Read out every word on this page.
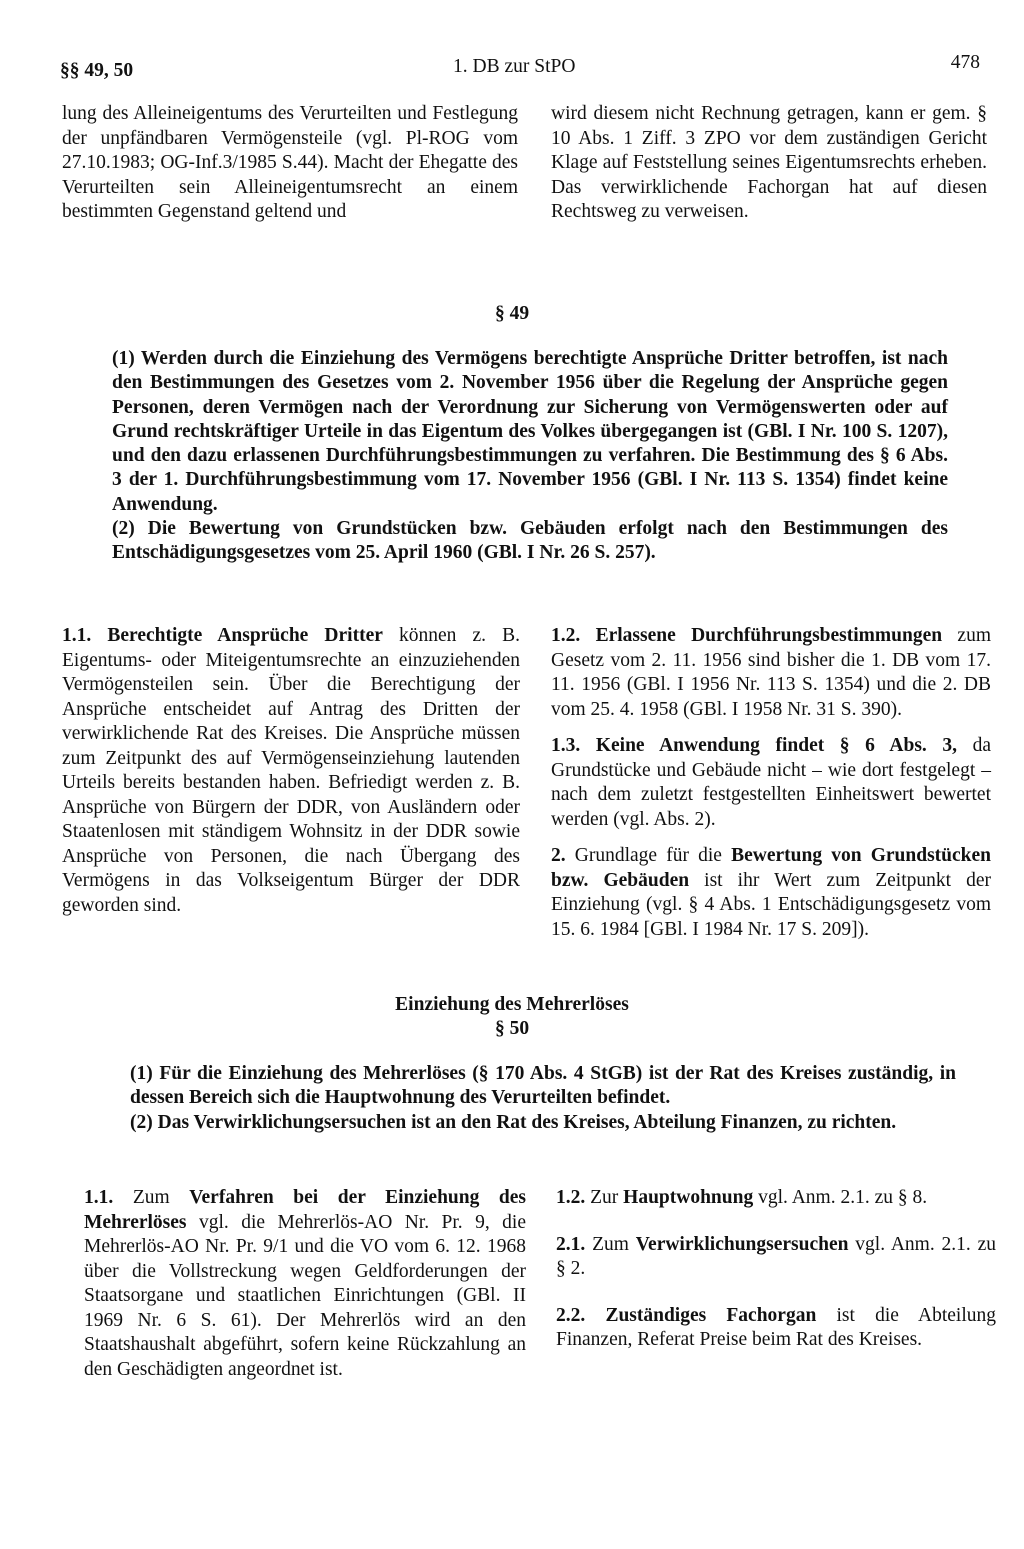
§§ 49, 50	1. DB zur StPO	478

lung des Alleineigentums des Verurteilten und Festlegung der unpfändbaren Vermögensteile (vgl. Pl-ROG vom 27.10.1983; OG-Inf.3/1985 S.44). Macht der Ehegatte des Verurteilten sein Alleineigentumsrecht an einem bestimmten Gegenstand geltend und

wird diesem nicht Rechnung getragen, kann er gem. § 10 Abs. 1 Ziff. 3 ZPO vor dem zuständigen Gericht Klage auf Feststellung seines Eigentumsrechts erheben. Das verwirklichende Fachorgan hat auf diesen Rechtsweg zu verweisen.

§ 49

(1) Werden durch die Einziehung des Vermögens berechtigte Ansprüche Dritter betroffen, ist nach den Bestimmungen des Gesetzes vom 2. November 1956 über die Regelung der Ansprüche gegen Personen, deren Vermögen nach der Verordnung zur Sicherung von Vermögenswerten oder auf Grund rechtskräftiger Urteile in das Eigentum des Volkes übergegangen ist (GBl. I Nr. 100 S. 1207), und den dazu erlassenen Durchführungsbestimmungen zu verfahren. Die Bestimmung des § 6 Abs. 3 der 1. Durchführungsbestimmung vom 17. November 1956 (GBl. I Nr. 113 S. 1354) findet keine Anwendung.

(2) Die Bewertung von Grundstücken bzw. Gebäuden erfolgt nach den Bestimmungen des Entschädigungsgesetzes vom 25. April 1960 (GBl. I Nr. 26 S. 257).

1.1. Berechtigte Ansprüche Dritter können z. B. Eigentums- oder Miteigentumsrechte an einzuziehenden Vermögensteilen sein. Über die Berechtigung der Ansprüche entscheidet auf Antrag des Dritten der verwirklichende Rat des Kreises. Die Ansprüche müssen zum Zeitpunkt des auf Vermögenseinziehung lautenden Urteils bereits bestanden haben. Befriedigt werden z. B. Ansprüche von Bürgern der DDR, von Ausländern oder Staatenlosen mit ständigem Wohnsitz in der DDR sowie Ansprüche von Personen, die nach Übergang des Vermögens in das Volkseigentum Bürger der DDR geworden sind.

1.2. Erlassene Durchführungsbestimmungen zum Gesetz vom 2. 11. 1956 sind bisher die 1. DB vom 17. 11. 1956 (GBl. I 1956 Nr. 113 S. 1354) und die 2. DB vom 25. 4. 1958 (GBl. I 1958 Nr. 31 S. 390).

1.3. Keine Anwendung findet § 6 Abs. 3, da Grundstücke und Gebäude nicht – wie dort festgelegt – nach dem zuletzt festgestellten Einheitswert bewertet werden (vgl. Abs. 2).

2. Grundlage für die Bewertung von Grundstücken bzw. Gebäuden ist ihr Wert zum Zeitpunkt der Einziehung (vgl. § 4 Abs. 1 Entschädigungsgesetz vom 15. 6. 1984 [GBl. I 1984 Nr. 17 S. 209]).

Einziehung des Mehrerlöses
§ 50

(1) Für die Einziehung des Mehrerlöses (§ 170 Abs. 4 StGB) ist der Rat des Kreises zuständig, in dessen Bereich sich die Hauptwohnung des Verurteilten befindet.

(2) Das Verwirklichungsersuchen ist an den Rat des Kreises, Abteilung Finanzen, zu richten.

1.1. Zum Verfahren bei der Einziehung des Mehrerlöses vgl. die Mehrerlös-AO Nr. Pr. 9, die Mehrerlös-AO Nr. Pr. 9/1 und die VO vom 6. 12. 1968 über die Vollstreckung wegen Geldforderungen der Staatsorgane und staatlichen Einrichtungen (GBl. II 1969 Nr. 6 S. 61). Der Mehrerlös wird an den Staatshaushalt abgeführt, sofern keine Rückzahlung an den Geschädigten angeordnet ist.

1.2. Zur Hauptwohnung vgl. Anm. 2.1. zu § 8.

2.1. Zum Verwirklichungsersuchen vgl. Anm. 2.1. zu § 2.

2.2. Zuständiges Fachorgan ist die Abteilung Finanzen, Referat Preise beim Rat des Kreises.
